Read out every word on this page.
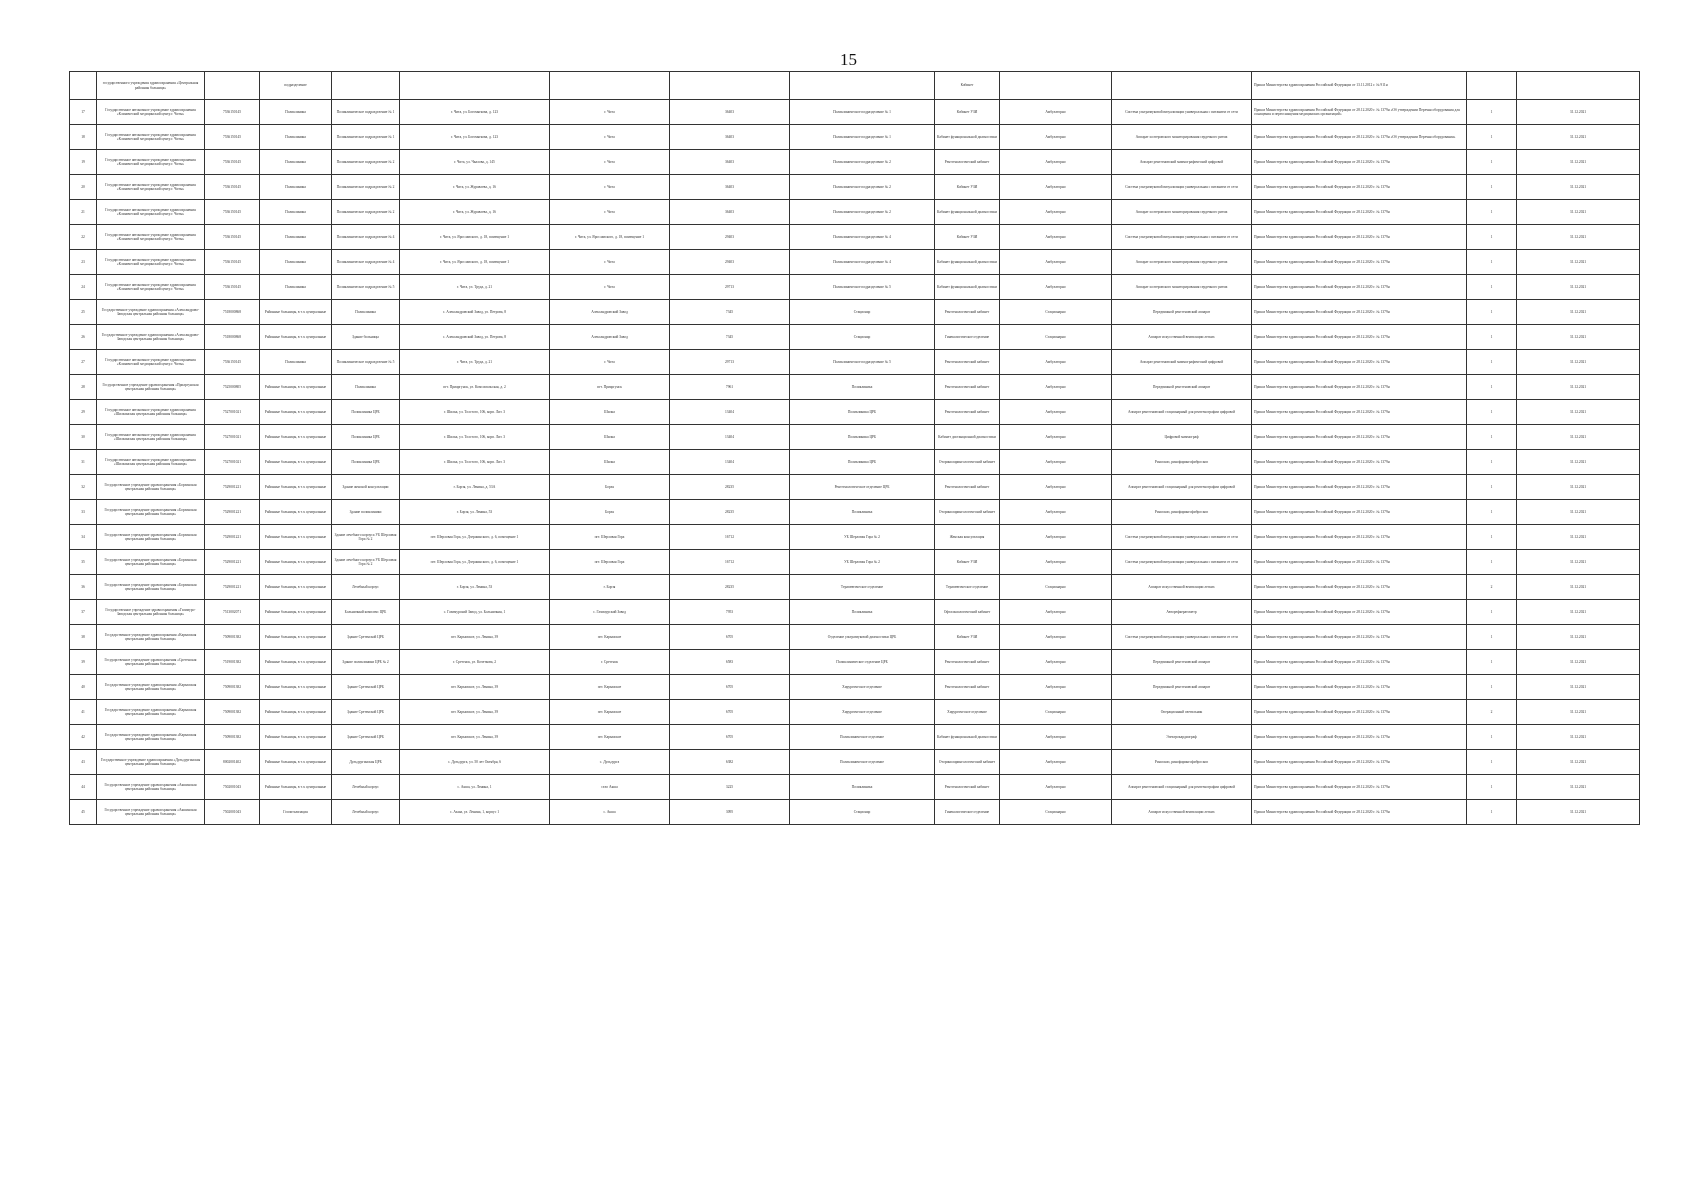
15
	государственного учреждения здравоохранения «Центральная районная больница»		подразделение						Кабинет			Приказ Министерства здравоохранения Российской Федерации от 13.11.2012 г. № 911н		
17	Государственное автономное учреждение здравоохранения «Клинический медицинский центр г. Читы»	7536150145	Поликлиника	Поликлиническое подразделение № 1	г. Чита, ул. Богомягкова, д. 123	г. Чита	36403	Поликлиническое подразделение № 1	Кабинет УЗИ	Амбулаторно	Система ультразвуковой визуализации универсальная с питанием от сети	Приказ Министерства здравоохранения Российской Федерации от 28.12.2020 г. № 1379н «Об утверждении Перечня оборудования для оснащения и переоснащения медицинских организаций»	1	31.12.2021
18	Государственное автономное учреждение здравоохранения «Клинический медицинский центр г. Читы»	7536150145	Поликлиника	Поликлиническое подразделение № 1	г. Чита, ул. Богомягкова, д. 123	г. Чита	36403	Поликлиническое подразделение № 1	Кабинет функциональной диагностики	Амбулаторно	Аппарат холтеровского мониторирования сердечного ритма	Приказ Министерства здравоохранения Российской Федерации от 28.12.2020 г. № 1379н «Об утверждении Перечня оборудования»	1	31.12.2021
19	Государственное автономное учреждение здравоохранения «Клинический медицинский центр г. Читы»	7536150145	Поликлиника	Поликлиническое подразделение № 2	г. Чита, ул. Чкалова, д. 145	г. Чита	36403	Поликлиническое подразделение № 2	Рентгенологический кабинет	Амбулаторно	Аппарат рентгеновский маммографический цифровой	Приказ Министерства здравоохранения Российской Федерации от 28.12.2020 г. № 1379н	1	31.12.2021
20	Государственное автономное учреждение здравоохранения «Клинический медицинский центр г. Читы»	7536150145	Поликлиника	Поликлиническое подразделение № 2	г. Чита, ул. Журавлева, д. 16	г. Чита	36403	Поликлиническое подразделение № 2	Кабинет УЗИ	Амбулаторно	Система ультразвуковой визуализации универсальная с питанием от сети	Приказ Министерства здравоохранения Российской Федерации от 28.12.2020 г. № 1379н	1	31.12.2021
21	Государственное автономное учреждение здравоохранения «Клинический медицинский центр г. Читы»	7536150145	Поликлиника	Поликлиническое подразделение № 2	г. Чита, ул. Журавлева, д. 16	г. Чита	36403	Поликлиническое подразделение № 2	Кабинет функциональной диагностики	Амбулаторно	Аппарат холтеровского мониторирования сердечного ритма	Приказ Министерства здравоохранения Российской Федерации от 28.12.2020 г. № 1379н	1	31.12.2021
22	Государственное автономное учреждение здравоохранения «Клинический медицинский центр г. Читы»	7536150145	Поликлиника	Поликлиническое подразделение № 4	г. Чита, ул. Ярославского, д. 18, помещение 1	г. Чита, ул. Ярославского, д. 18, помещение 1	29403	Поликлиническое подразделение № 4	Кабинет УЗИ	Амбулаторно	Система ультразвуковой визуализации универсальная с питанием от сети	Приказ Министерства здравоохранения Российской Федерации от 28.12.2020 г. № 1379н	1	31.12.2021
23	Государственное автономное учреждение здравоохранения «Клинический медицинский центр г. Читы»	7536150145	Поликлиника	Поликлиническое подразделение № 4	г. Чита, ул. Ярославского, д. 18, помещение 1	г. Чита	29403	Поликлиническое подразделение № 4	Кабинет функциональной диагностики	Амбулаторно	Аппарат холтеровского мониторирования сердечного ритма	Приказ Министерства здравоохранения Российской Федерации от 28.12.2020 г. № 1379н	1	31.12.2021
24	Государственное автономное учреждение здравоохранения «Клинический медицинский центр г. Читы»	7536150145	Поликлиника	Поликлиническое подразделение № 5	г. Чита, ул. Труда, д. 21	г. Чита	29713	Поликлиническое подразделение № 5	Кабинет функциональной диагностики	Амбулаторно	Аппарат холтеровского мониторирования сердечного ритма	Приказ Министерства здравоохранения Российской Федерации от 28.12.2020 г. № 1379н	1	31.12.2021
25	Государственное учреждение здравоохранения «Александрово-Заводская центральная районная больница»	7518000868	Районные больницы, в т.ч. центральные	Поликлиника	с. Александровский Завод, ул. Петрова, 8	Александровский Завод	7345	Стационар	Рентгенологический кабинет	Стационарно	Передвижной рентгеновский аппарат	Приказ Министерства здравоохранения Российской Федерации от 28.12.2020 г. № 1379н	1	31.12.2021
26	Государственное учреждение здравоохранения «Александрово-Заводская центральная районная больница»	7518000868	Районные больницы, в т.ч. центральные	Здание больницы	с. Александровский Завод, ул. Петрова, 8	Александровский Завод	7345	Стационар	Гинекологическое отделение	Стационарно	Аппарат искусственной вентиляции легких	Приказ Министерства здравоохранения Российской Федерации от 28.12.2020 г. № 1379н	1	31.12.2021
27	Государственное автономное учреждение здравоохранения «Клинический медицинский центр г. Читы»	7536150145	Поликлиника	Поликлиническое подразделение № 5	г. Чита, ул. Труда, д. 21	г. Чита	29713	Поликлиническое подразделение № 5	Рентгенологический кабинет	Амбулаторно	Аппарат рентгеновский маммографический цифровой	Приказ Министерства здравоохранения Российской Федерации от 28.12.2020 г. № 1379н	1	31.12.2021
28	Государственное учреждение здравоохранения «Приаргунская центральная районная больница»	7525000805	Районные больницы, в т.ч. центральные	Поликлиника	пгт. Приаргунск, ул. Комсомольская, д. 2	пгт. Приаргунск	7961	Поликлиника	Рентгенологический кабинет	Амбулаторно	Передвижной рентгеновский аппарат	Приказ Министерства здравоохранения Российской Федерации от 28.12.2020 г. № 1379н	1	31.12.2021
29	Государственное автономное учреждение здравоохранения «Шилкинская центральная районная больница»	7527001021	Районные больницы, в т.ч. центральные	Поликлиника ЦРБ	г. Шилка, ул. Толстого, 106, корп. Лит. 3	Шилка	13404	Поликлиника ЦРБ	Рентгенологический кабинет	Амбулаторно	Аппарат рентгеновский стационарный для рентгенографии цифровой	Приказ Министерства здравоохранения Российской Федерации от 28.12.2020 г. № 1379н	1	31.12.2021
30	Государственное автономное учреждение здравоохранения «Шилкинская центральная районная больница»	7527001021	Районные больницы, в т.ч. центральные	Поликлиника ЦРБ	г. Шилка, ул. Толстого, 106, корп. Лит. 3	Шилка	13404	Поликлиника ЦРБ	Кабинет дистанционной диагностики	Амбулаторно	Цифровой маммограф	Приказ Министерства здравоохранения Российской Федерации от 28.12.2020 г. № 1379н	1	31.12.2021
31	Государственное автономное учреждение здравоохранения «Шилкинская центральная районная больница»	7527001021	Районные больницы, в т.ч. центральные	Поликлиника ЦРБ	г. Шилка, ул. Толстого, 106, корп. Лит. 3	Шилка	13404	Поликлиника ЦРБ	Оториноларингологический кабинет	Амбулаторно	Риноскоп, ринофарингофиброскоп	Приказ Министерства здравоохранения Российской Федерации от 28.12.2020 г. № 1379н	1	31.12.2021
32	Государственное учреждение здравоохранения «Борзинская центральная районная больница»	7529001221	Районные больницы, в т.ч. центральные	Здание женской консультации	г. Борзя, ул. Ленина, д. 53А	Борзя	28235	Рентгенологическое отделение ЦРБ	Рентгенологический кабинет	Амбулаторно	Аппарат рентгеновский стационарный для рентгенографии цифровой	Приказ Министерства здравоохранения Российской Федерации от 28.12.2020 г. № 1379н	1	31.12.2021
33	Государственное учреждение здравоохранения «Борзинская центральная районная больница»	7529001221	Районные больницы, в т.ч. центральные	Здание поликлиники	г. Борзя, ул. Ленина, 53	Борзя	28235	Поликлиника	Оториноларингологический кабинет	Амбулаторно	Риноскоп, ринофарингофиброскоп	Приказ Министерства здравоохранения Российской Федерации от 28.12.2020 г. № 1379н	1	31.12.2021
34	Государственное учреждение здравоохранения «Борзинская центральная районная больница»	7529001221	Районные больницы, в т.ч. центральные	Здание лечебного корпуса УБ Шерловая Гора № 2	пгт. Шерловая Гора, ул. Дзержинского, д. 6, помещение 1	пгт. Шерловая Гора	16712	УБ Шерловая Гора № 2	Женская консультация	Амбулаторно	Система ультразвуковой визуализации универсальная с питанием от сети	Приказ Министерства здравоохранения Российской Федерации от 28.12.2020 г. № 1379н	1	31.12.2021
35	Государственное учреждение здравоохранения «Борзинская центральная районная больница»	7529001221	Районные больницы, в т.ч. центральные	Здание лечебного корпуса УБ Шерловая Гора № 2	пгт. Шерловая Гора, ул. Дзержинского, д. 6, помещение 1	пгт. Шерловая Гора	16712	УБ Шерловая Гора № 2	Кабинет УЗИ	Амбулаторно	Система ультразвуковой визуализации универсальная с питанием от сети	Приказ Министерства здравоохранения Российской Федерации от 28.12.2020 г. № 1379н	1	31.12.2021
36	Государственное учреждение здравоохранения «Борзинская центральная районная больница»	7529001221	Районные больницы, в т.ч. центральные	Лечебный корпус	г. Борзя, ул. Ленина, 53	г. Борзя	28235	Терапевтическое отделение	Терапевтическое отделение	Стационарно	Аппарат искусственной вентиляции легких	Приказ Министерства здравоохранения Российской Федерации от 28.12.2020 г. № 1379н	2	31.12.2021
37	Государственное учреждение здравоохранения «Газимуро-Заводская центральная районная больница»	7513002071	Районные больницы, в т.ч. центральные	Больничный комплекс ЦРБ	с. Газимурский Завод, ул. Больничная, 1	с. Газимурский Завод	7953	Поликлиника	Офтальмологический кабинет	Амбулаторно	Авторефкератометр	Приказ Министерства здравоохранения Российской Федерации от 28.12.2020 г. № 1379н	1	31.12.2021
38	Государственное учреждение здравоохранения «Карымская центральная районная больница»	7509001382	Районные больницы, в т.ч. центральные	Здание Сретенской ЦРБ	пгт. Карымское, ул. Ленина, 39	пгт. Карымское	6705	Отделение ультразвуковой диагностики ЦРБ	Кабинет УЗИ	Амбулаторно	Система ультразвуковой визуализации универсальная с питанием от сети	Приказ Министерства здравоохранения Российской Федерации от 28.12.2020 г. № 1379н	1	31.12.2021
39	Государственное учреждение здравоохранения «Сретенская центральная районная больница»	7519001382	Районные больницы, в т.ч. центральные	Здание поликлиники ЦРБ № 2	г. Сретенск, ул. Кочеткова, 2	г. Сретенск	6583	Поликлиническое отделение ЦРБ	Рентгенологический кабинет	Амбулаторно	Передвижной рентгеновский аппарат	Приказ Министерства здравоохранения Российской Федерации от 28.12.2020 г. № 1379н	1	31.12.2021
40	Государственное учреждение здравоохранения «Карымская центральная районная больница»	7509001382	Районные больницы, в т.ч. центральные	Здание Сретенской ЦРБ	пгт. Карымское, ул. Ленина, 39	пгт. Карымское	6705	Хирургическое отделение	Рентгенологический кабинет	Амбулаторно	Передвижной рентгеновский аппарат	Приказ Министерства здравоохранения Российской Федерации от 28.12.2020 г. № 1379н	1	31.12.2021
41	Государственное учреждение здравоохранения «Карымская центральная районная больница»	7509001382	Районные больницы, в т.ч. центральные	Здание Сретенской ЦРБ	пгт. Карымское, ул. Ленина, 39	пгт. Карымское	6705	Хирургическое отделение	Хирургическое отделение	Стационарно	Операционный светильник	Приказ Министерства здравоохранения Российской Федерации от 28.12.2020 г. № 1379н	2	31.12.2021
42	Государственное учреждение здравоохранения «Карымская центральная районная больница»	7509001382	Районные больницы, в т.ч. центральные	Здание Сретенской ЦРБ	пгт. Карымское, ул. Ленина, 39	пгт. Карымское	6705	Поликлиническое отделение	Кабинет функциональной диагностики	Амбулаторно	Электрокардиограф	Приказ Министерства здравоохранения Российской Федерации от 28.12.2020 г. № 1379н	1	31.12.2021
43	Государственное учреждение здравоохранения «Дульдургинская центральная районная больница»	8002001402	Районные больницы, в т.ч. центральные	Дульдургинская ЦРБ	с. Дульдурга, ул. 50 лет Октября, 6	с. Дульдурга	6382	Поликлиническое отделение	Оториноларингологический кабинет	Амбулаторно	Риноскоп, ринофарингофиброскоп	Приказ Министерства здравоохранения Российской Федерации от 28.12.2020 г. № 1379н	1	31.12.2021
44	Государственное учреждение здравоохранения «Акшинская центральная районная больница»	7502001043	Районные больницы, в т.ч. центральные	Лечебный корпус	с. Акша, ул. Ленина, 1	село Акша	3225	Поликлиника	Рентгенологический кабинет	Амбулаторно	Аппарат рентгеновский стационарный для рентгенографии цифровой	Приказ Министерства здравоохранения Российской Федерации от 28.12.2020 г. № 1379н	1	31.12.2021
45	Государственное учреждение здравоохранения «Акшинская центральная районная больница»	7502001043	Госпитализация	Лечебный корпус	с. Акша, ул. Ленина, 1, корпус 1	с. Акша	3095	Стационар	Гинекологическое отделение	Стационарно	Аппарат искусственной вентиляции легких	Приказ Министерства здравоохранения Российской Федерации от 28.12.2020 г. № 1379н	1	31.12.2021
